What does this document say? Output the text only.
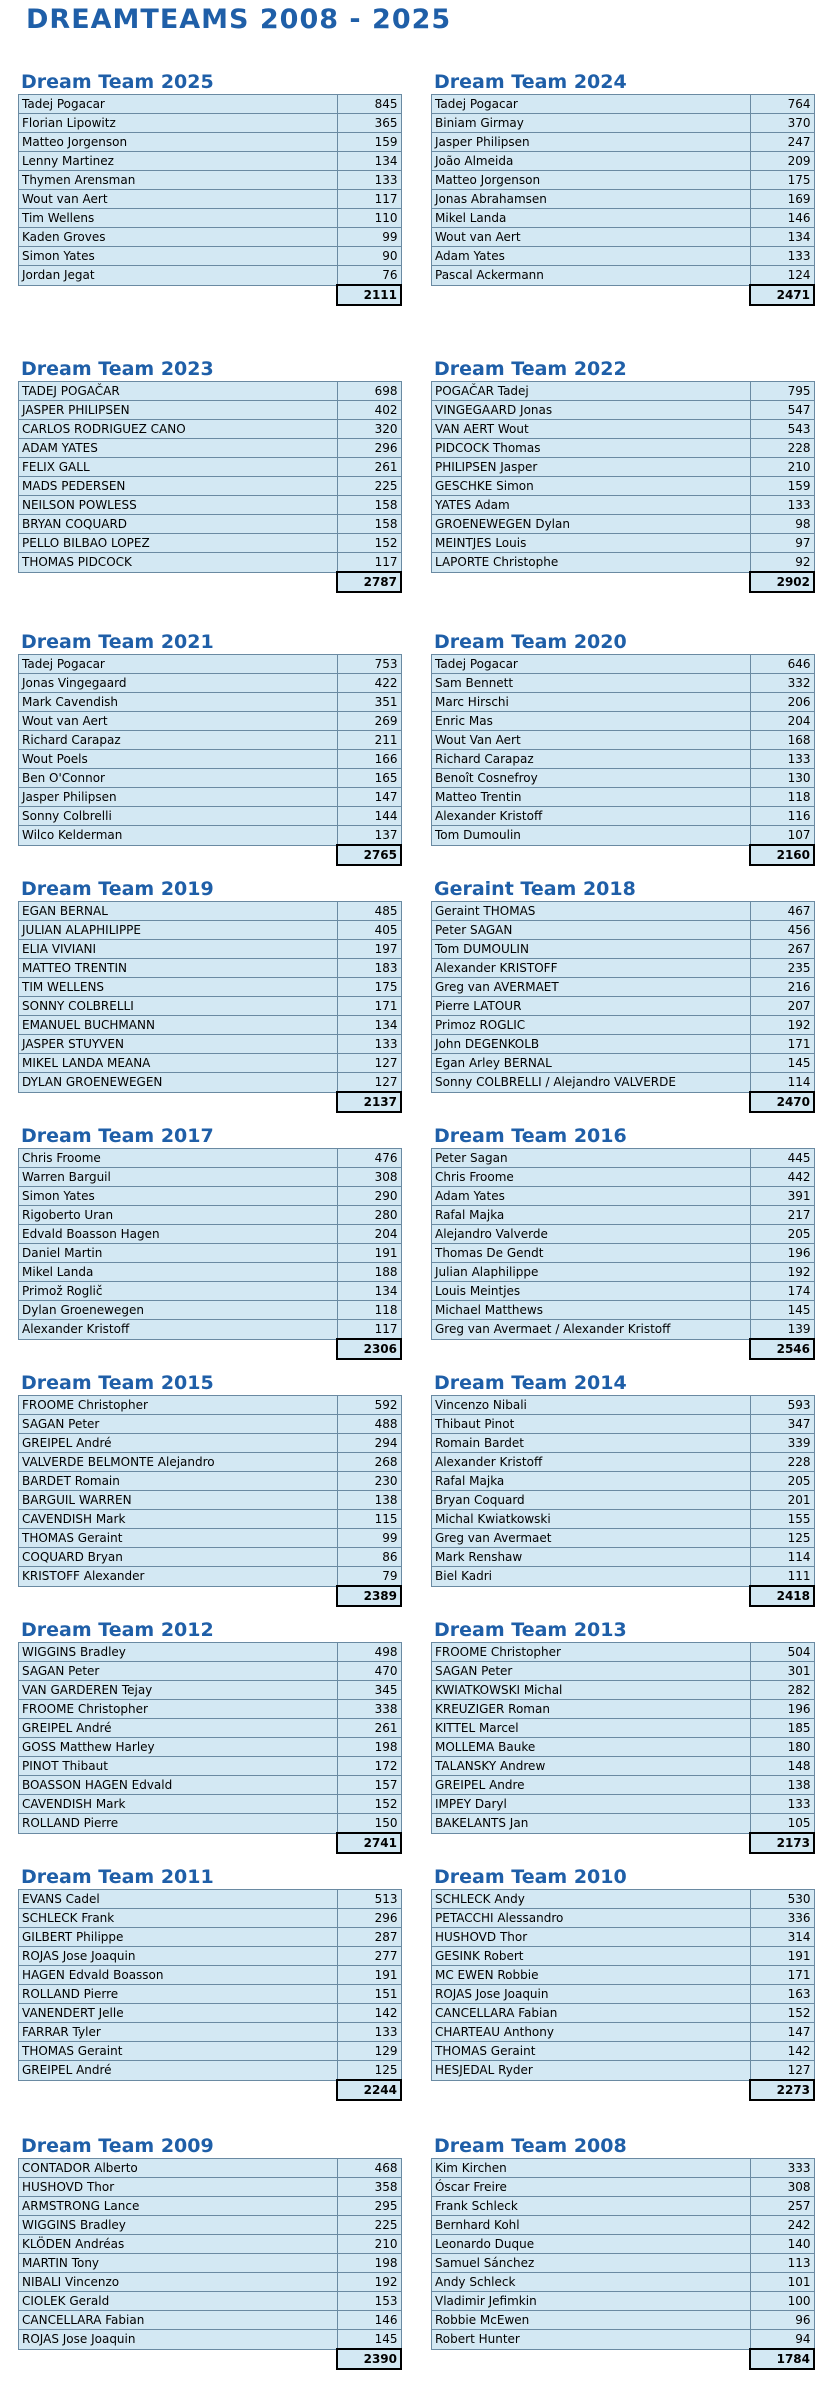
DREAMTEAMS 2008 - 2025
Dream Team 2025
Tadej Pogacar	845
Florian Lipowitz	365
Matteo Jorgenson	159
Lenny Martinez	134
Thymen Arensman	133
Wout van Aert	117
Tim Wellens	110
Kaden Groves	99
Simon Yates	90
Jordan Jegat	76
	2111
Dream Team 2024
Tadej Pogacar	764
Biniam Girmay	370
Jasper Philipsen	247
João Almeida	209
Matteo Jorgenson	175
Jonas Abrahamsen	169
Mikel Landa	146
Wout van Aert	134
Adam Yates	133
Pascal Ackermann	124
	2471
Dream Team 2023
TADEJ POGAČAR	698
JASPER PHILIPSEN	402
CARLOS RODRIGUEZ CANO	320
ADAM YATES	296
FELIX GALL	261
MADS PEDERSEN	225
NEILSON POWLESS	158
BRYAN COQUARD	158
PELLO BILBAO LOPEZ	152
THOMAS PIDCOCK	117
	2787
Dream Team 2022
POGAČAR Tadej	795
VINGEGAARD Jonas	547
VAN AERT Wout	543
PIDCOCK Thomas	228
PHILIPSEN Jasper	210
GESCHKE Simon	159
YATES Adam	133
GROENEWEGEN Dylan	98
MEINTJES Louis	97
LAPORTE Christophe	92
	2902
Dream Team 2021
Tadej Pogacar	753
Jonas Vingegaard	422
Mark Cavendish	351
Wout van Aert	269
Richard Carapaz	211
Wout Poels	166
Ben O'Connor	165
Jasper Philipsen	147
Sonny Colbrelli	144
Wilco Kelderman	137
	2765
Dream Team 2020
Tadej Pogacar	646
Sam Bennett	332
Marc Hirschi	206
Enric Mas	204
Wout Van Aert	168
Richard Carapaz	133
Benoît Cosnefroy	130
Matteo Trentin	118
Alexander Kristoff	116
Tom Dumoulin	107
	2160
Dream Team 2019
EGAN BERNAL	485
JULIAN ALAPHILIPPE	405
ELIA VIVIANI	197
MATTEO TRENTIN	183
TIM WELLENS	175
SONNY COLBRELLI	171
EMANUEL BUCHMANN	134
JASPER STUYVEN	133
MIKEL LANDA MEANA	127
DYLAN GROENEWEGEN	127
	2137
Geraint Team 2018
Geraint THOMAS	467
Peter SAGAN	456
Tom DUMOULIN	267
Alexander KRISTOFF	235
Greg van AVERMAET	216
Pierre LATOUR	207
Primoz ROGLIC	192
John DEGENKOLB	171
Egan Arley BERNAL	145
Sonny COLBRELLI / Alejandro VALVERDE	114
	2470
Dream Team 2017
Chris Froome	476
Warren Barguil	308
Simon Yates	290
Rigoberto Uran	280
Edvald Boasson Hagen	204
Daniel Martin	191
Mikel Landa	188
Primož Roglič	134
Dylan Groenewegen	118
Alexander Kristoff	117
	2306
Dream Team 2016
Peter Sagan	445
Chris Froome	442
Adam Yates	391
Rafal Majka	217
Alejandro Valverde	205
Thomas De Gendt	196
Julian Alaphilippe	192
Louis Meintjes	174
Michael Matthews	145
Greg van Avermaet / Alexander Kristoff	139
	2546
Dream Team 2015
FROOME Christopher	592
SAGAN Peter	488
GREIPEL André	294
VALVERDE BELMONTE Alejandro	268
BARDET Romain	230
BARGUIL WARREN	138
CAVENDISH Mark	115
THOMAS Geraint	99
COQUARD Bryan	86
KRISTOFF Alexander	79
	2389
Dream Team 2014
Vincenzo Nibali	593
Thibaut Pinot	347
Romain Bardet	339
Alexander Kristoff	228
Rafal Majka	205
Bryan Coquard	201
Michal Kwiatkowski	155
Greg van Avermaet	125
Mark Renshaw	114
Biel Kadri	111
	2418
Dream Team 2012
WIGGINS Bradley	498
SAGAN Peter	470
VAN GARDEREN Tejay	345
FROOME Christopher	338
GREIPEL André	261
GOSS Matthew Harley	198
PINOT Thibaut	172
BOASSON HAGEN Edvald	157
CAVENDISH Mark	152
ROLLAND Pierre	150
	2741
Dream Team 2013
FROOME Christopher	504
SAGAN Peter	301
KWIATKOWSKI Michal	282
KREUZIGER Roman	196
KITTEL Marcel	185
MOLLEMA Bauke	180
TALANSKY Andrew	148
GREIPEL Andre	138
IMPEY Daryl	133
BAKELANTS Jan	105
	2173
Dream Team 2011
EVANS Cadel	513
SCHLECK Frank	296
GILBERT Philippe	287
ROJAS Jose Joaquin	277
HAGEN Edvald Boasson	191
ROLLAND Pierre	151
VANENDERT Jelle	142
FARRAR Tyler	133
THOMAS Geraint	129
GREIPEL André	125
	2244
Dream Team 2010
SCHLECK Andy	530
PETACCHI Alessandro	336
HUSHOVD Thor	314
GESINK Robert	191
MC EWEN Robbie	171
ROJAS Jose Joaquin	163
CANCELLARA Fabian	152
CHARTEAU Anthony	147
THOMAS Geraint	142
HESJEDAL Ryder	127
	2273
Dream Team 2009
CONTADOR Alberto	468
HUSHOVD Thor	358
ARMSTRONG Lance	295
WIGGINS Bradley	225
KLÖDEN Andréas	210
MARTIN Tony	198
NIBALI Vincenzo	192
CIOLEK Gerald	153
CANCELLARA Fabian	146
ROJAS Jose Joaquin	145
	2390
Dream Team 2008
Kim Kirchen	333
Óscar Freire	308
Frank Schleck	257
Bernhard Kohl	242
Leonardo Duque	140
Samuel Sánchez	113
Andy Schleck	101
Vladimir Jefimkin	100
Robbie McEwen	96
Robert Hunter	94
	1784
